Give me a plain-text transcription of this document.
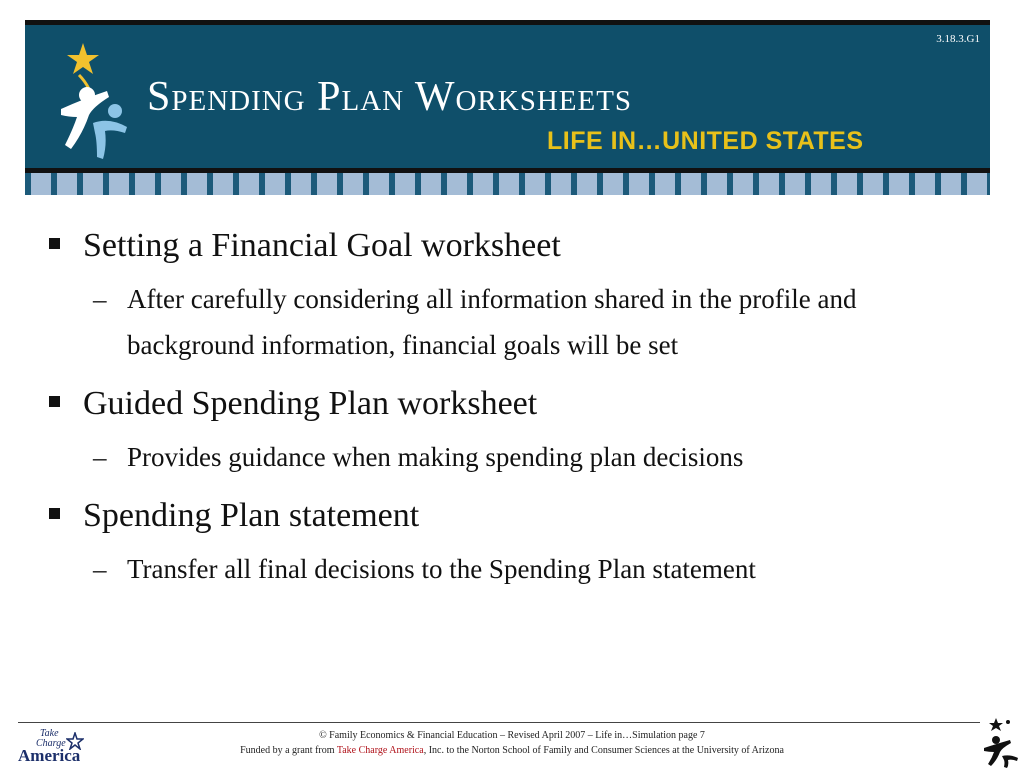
3.18.3.G1
Spending Plan Worksheets
LIFE IN…UNITED STATES
Setting a Financial Goal worksheet
– After carefully considering all information shared in the profile and background information, financial goals will be set
Guided Spending Plan worksheet
– Provides guidance when making spending plan decisions
Spending Plan statement
– Transfer all final decisions to the Spending Plan statement
Take
Charge
America
© Family Economics & Financial Education – Revised April 2007 – Life in…Simulation page 7
Funded by a grant from Take Charge America, Inc. to the Norton School of Family and Consumer Sciences at the University of Arizona
